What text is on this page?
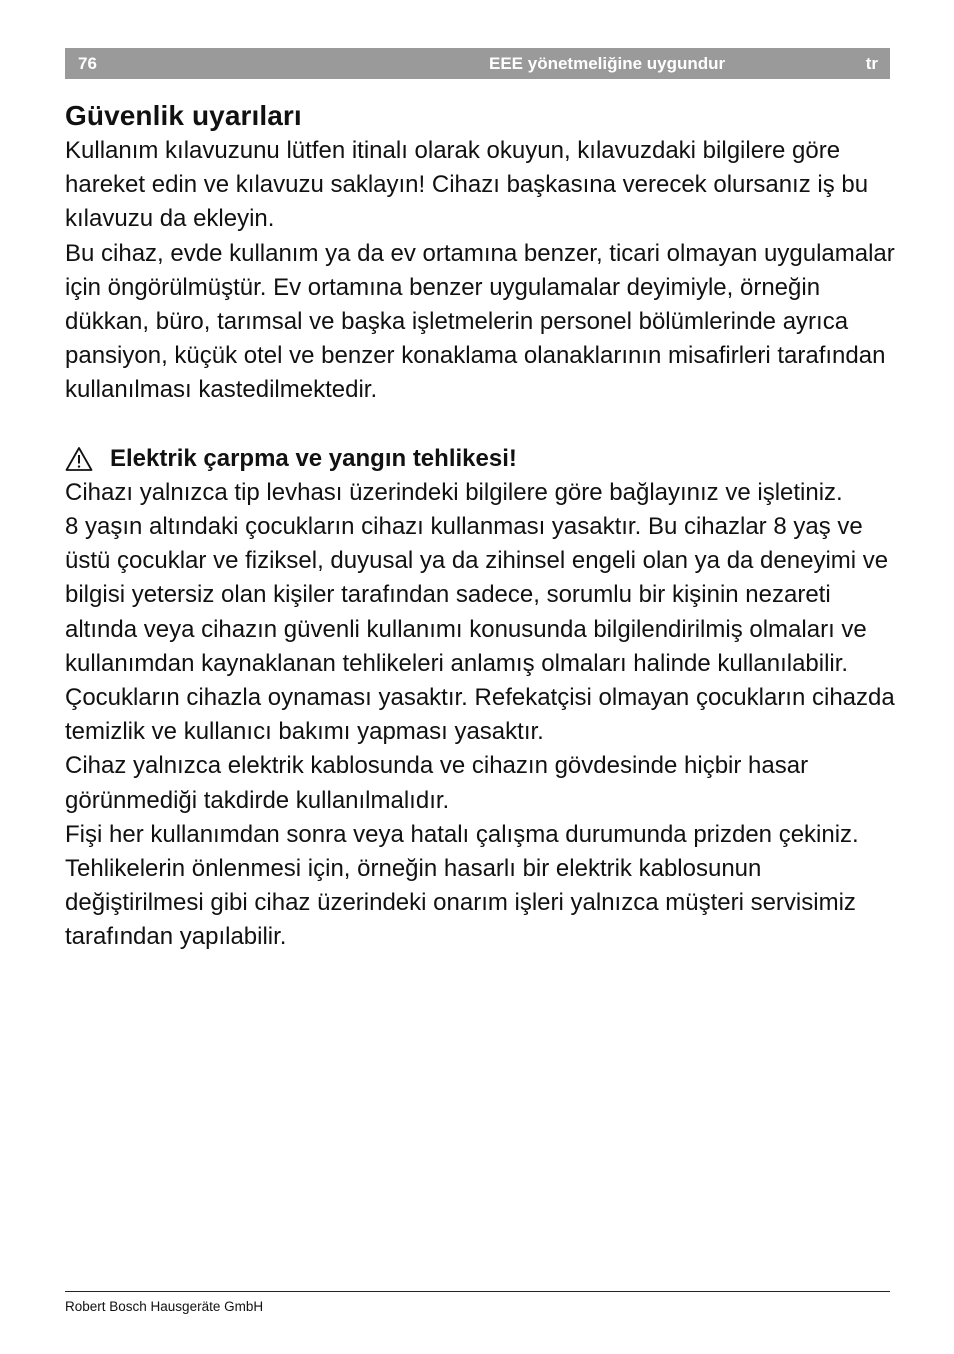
76	EEE yönetmeliğine uygundur	tr
Güvenlik uyarıları

Kullanım kılavuzunu lütfen itinalı olarak okuyun, kılavuzdaki bilgilere göre hareket edin ve kılavuzu saklayın! Cihazı başkasına verecek olursanız iş bu kılavuzu da ekleyin.

Bu cihaz, evde kullanım ya da ev ortamına benzer, ticari olmayan uygulamalar için öngörülmüştür. Ev ortamına benzer uygulamalar deyimiyle, örneğin dükkan, büro, tarımsal ve başka işletmelerin personel bölümlerinde ayrıca pansiyon, küçük otel ve benzer konaklama olanaklarının misafirleri tarafından kullanılması kastedilmektedir.

Elektrik çarpma ve yangın tehlikesi!

Cihazı yalnızca tip levhası üzerindeki bilgilere göre bağlayınız ve işletiniz.

8 yaşın altındaki çocukların cihazı kullanması yasaktır. Bu cihazlar 8 yaş ve üstü çocuklar ve fiziksel, duyusal ya da zihinsel engeli olan ya da deneyimi ve bilgisi yetersiz olan kişiler tarafından sadece, sorumlu bir kişinin nezareti altında veya cihazın güvenli kullanımı konusunda bilgilendirilmiş olmaları ve kullanımdan kaynaklanan tehlikeleri anlamış olmaları halinde kullanılabilir. Çocukların cihazla oynaması yasaktır. Refekatçisi olmayan çocukların cihazda temizlik ve kullanıcı bakımı yapması yasaktır.

Cihaz yalnızca elektrik kablosunda ve cihazın gövdesinde hiçbir hasar görünmediği takdirde kullanılmalıdır.

Fişi her kullanımdan sonra veya hatalı çalışma durumunda prizden çekiniz.

Tehlikelerin önlenmesi için, örneğin hasarlı bir elektrik kablosunun değiştirilmesi gibi cihaz üzerindeki onarım işleri yalnızca müşteri servisimiz tarafından yapılabilir.

Robert Bosch Hausgeräte GmbH
